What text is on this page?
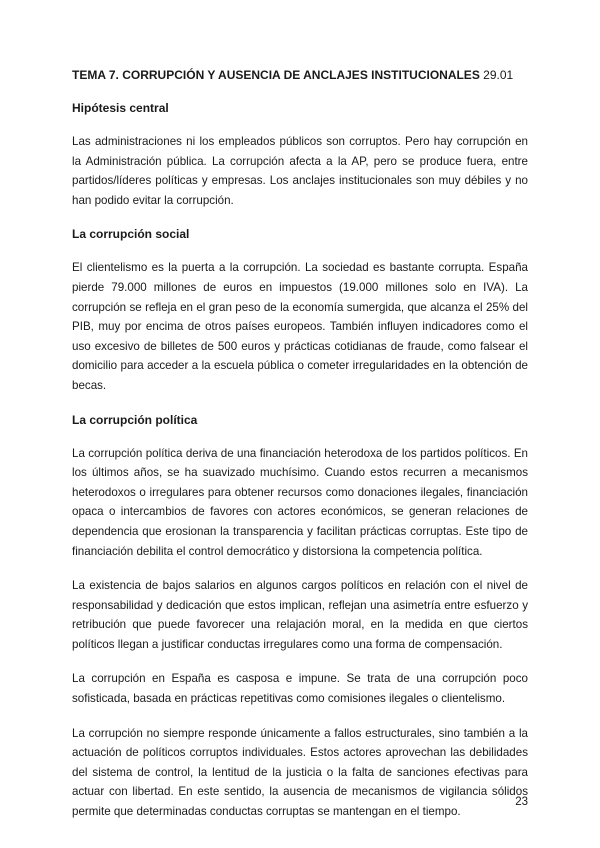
TEMA 7. CORRUPCIÓN Y AUSENCIA DE ANCLAJES INSTITUCIONALES 29.01

Hipótesis central

Las administraciones ni los empleados públicos son corruptos. Pero hay corrupción en la Administración pública. La corrupción afecta a la AP, pero se produce fuera, entre partidos/líderes políticas y empresas. Los anclajes institucionales son muy débiles y no han podido evitar la corrupción.

La corrupción social

El clientelismo es la puerta a la corrupción. La sociedad es bastante corrupta. España pierde 79.000 millones de euros en impuestos (19.000 millones solo en IVA). La corrupción se refleja en el gran peso de la economía sumergida, que alcanza el 25% del PIB, muy por encima de otros países europeos. También influyen indicadores como el uso excesivo de billetes de 500 euros y prácticas cotidianas de fraude, como falsear el domicilio para acceder a la escuela pública o cometer irregularidades en la obtención de becas.

La corrupción política

La corrupción política deriva de una financiación heterodoxa de los partidos políticos. En los últimos años, se ha suavizado muchísimo. Cuando estos recurren a mecanismos heterodoxos o irregulares para obtener recursos como donaciones ilegales, financiación opaca o intercambios de favores con actores económicos, se generan relaciones de dependencia que erosionan la transparencia y facilitan prácticas corruptas. Este tipo de financiación debilita el control democrático y distorsiona la competencia política.

La existencia de bajos salarios en algunos cargos políticos en relación con el nivel de responsabilidad y dedicación que estos implican, reflejan una asimetría entre esfuerzo y retribución que puede favorecer una relajación moral, en la medida en que ciertos políticos llegan a justificar conductas irregulares como una forma de compensación.

La corrupción en España es casposa e impune. Se trata de una corrupción poco sofisticada, basada en prácticas repetitivas como comisiones ilegales o clientelismo.

La corrupción no siempre responde únicamente a fallos estructurales, sino también a la actuación de políticos corruptos individuales. Estos actores aprovechan las debilidades del sistema de control, la lentitud de la justicia o la falta de sanciones efectivas para actuar con libertad. En este sentido, la ausencia de mecanismos de vigilancia sólidos permite que determinadas conductas corruptas se mantengan en el tiempo.

23
